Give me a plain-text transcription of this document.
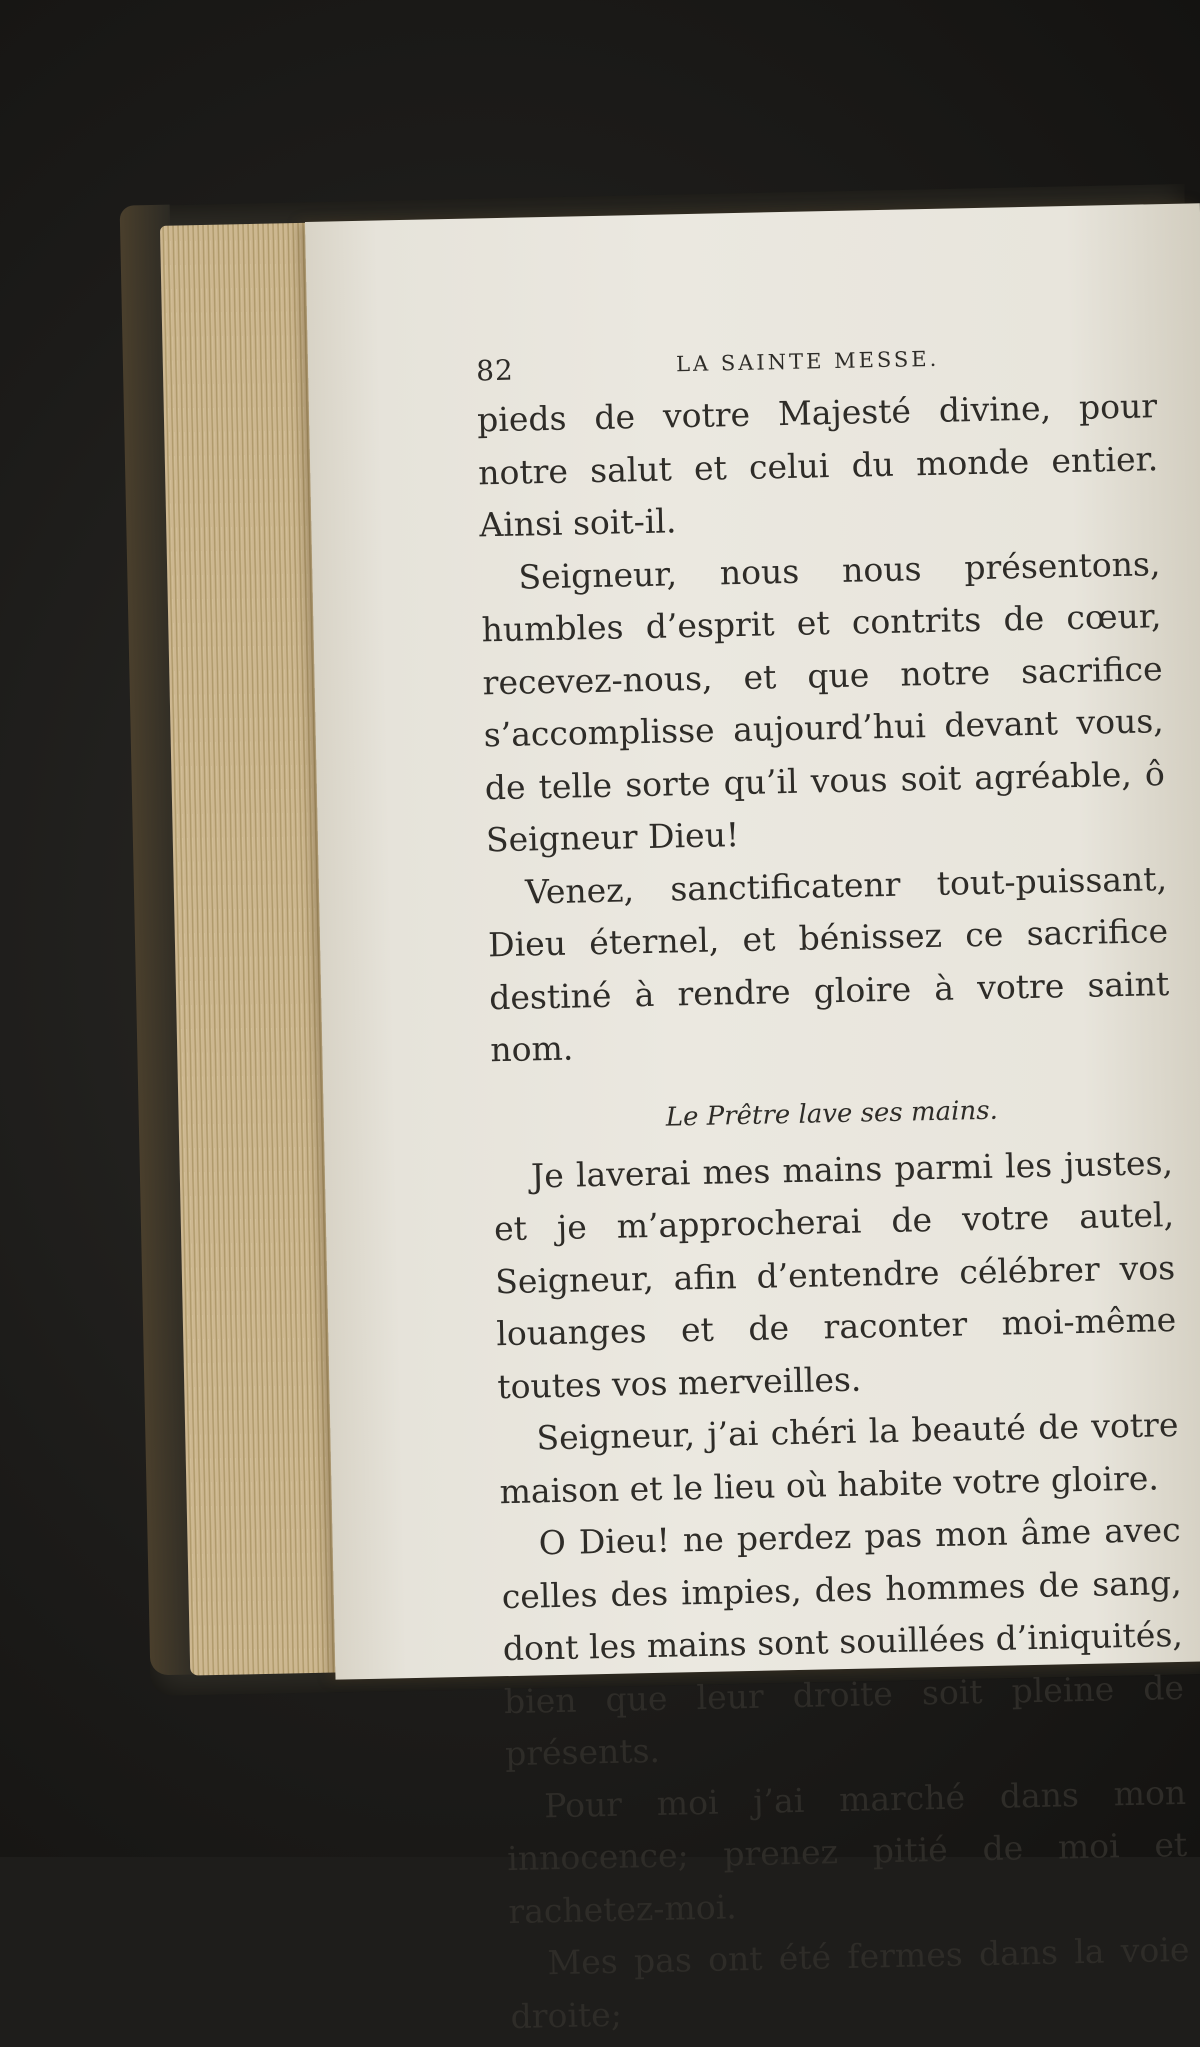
82	LA SAINTE MESSE.

pieds de votre Majesté divine, pour notre salut et celui du monde entier. Ainsi soit-il.

Seigneur, nous nous présentons, humbles d’esprit et contrits de cœur, recevez-nous, et que notre sacrifice s’accomplisse aujourd’hui devant vous, de telle sorte qu’il vous soit agréable, ô Seigneur Dieu!

Venez, sanctificatenr tout-puissant, Dieu éternel, et bénissez ce sacrifice destiné à rendre gloire à votre saint nom.

Le Prêtre lave ses mains.

Je laverai mes mains parmi les justes, et je m’approcherai de votre autel, Seigneur, afin d’entendre célébrer vos louanges et de raconter moi-même toutes vos merveilles.

Seigneur, j’ai chéri la beauté de votre maison et le lieu où habite votre gloire.

O Dieu! ne perdez pas mon âme avec celles des impies, des hommes de sang, dont les mains sont souillées d’iniquités, bien que leur droite soit pleine de présents.

Pour moi j’ai marché dans mon innocence; prenez pitié de moi et rachetez-moi.

Mes pas ont été fermes dans la voie droite;
